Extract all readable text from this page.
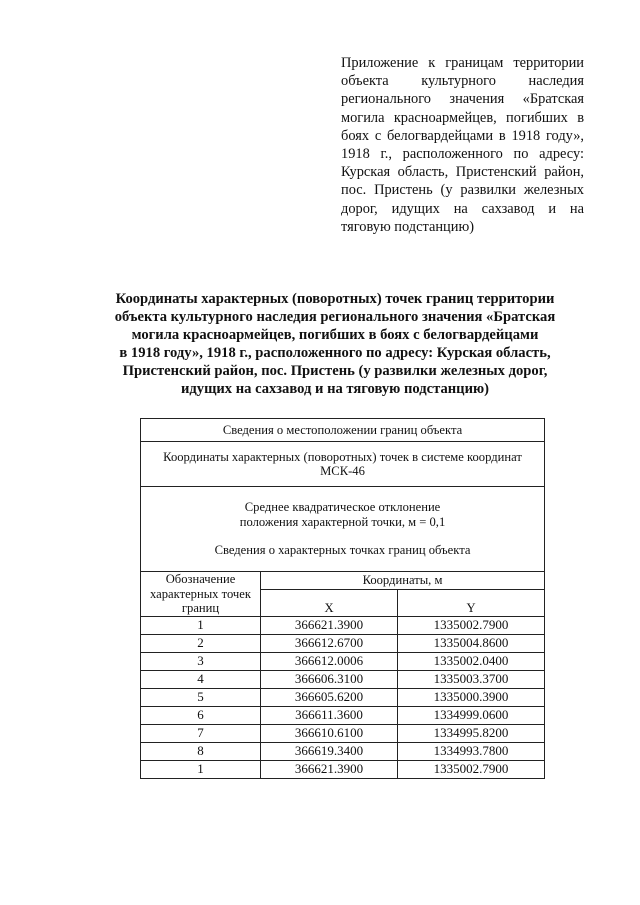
Приложение к границам территории объекта культурного наследия регионального значения «Братская могила красноармейцев, погибших в боях с белогвардейцами в 1918 году», 1918 г., расположенного по адресу: Курская область, Пристенский район, пос. Пристень (у развилки железных дорог, идущих на сахзавод и на тяговую подстанцию)
Координаты характерных (поворотных) точек границ территории
объекта культурного наследия регионального значения «Братская
могила красноармейцев, погибших в боях с белогвардейцами
в 1918 году», 1918 г., расположенного по адресу: Курская область,
Пристенский район, пос. Пристень (у развилки железных дорог,
идущих на сахзавод и на тяговую подстанцию)
Сведения о местоположении границ объекта		
Координаты характерных (поворотных) точек в системе координат МСК-46		

Среднее квадратическое отклонение
положения характерной точки, м = 0,1
Сведения о характерных точках границ объекта		

Обозначение характерных точек границ	Координаты, м	
	X	Y
1	366621.3900	1335002.7900
2	366612.6700	1335004.8600
3	366612.0006	1335002.0400
4	366606.3100	1335003.3700
5	366605.6200	1335000.3900
6	366611.3600	1334999.0600
7	366610.6100	1334995.8200
8	366619.3400	1334993.7800
1	366621.3900	1335002.7900
